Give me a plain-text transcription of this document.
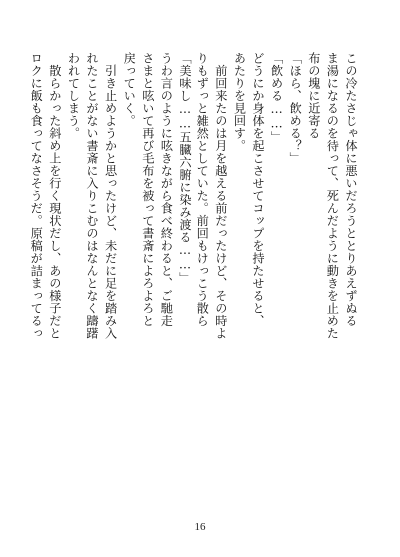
この冷たさじゃ体に悪いだろうととりあえずぬる
ま湯になるのを待って、死んだように動きを止めた
布の塊に近寄る
「ほら、飲める？」
「飲める……」
どうにか身体を起こさせてコップを持たせると、
あたりを見回す。
　前回来たのは月を越える前だったけど、その時よ
りもずっと雑然としていた。前回もけっこう散ら

「美味し……五臓六腑に染み渡る……」
うわ言のように呟きながら食べ終わると、ご馳走
さまと呟いて再び毛布を被って書斎によろよろと
戻っていく。
　引き止めようかと思ったけど、未だに足を踏み入
れたことがない書斎に入りこむのはなんとなく躊躇
われてしまう。
　散らかった斜め上を行く現状だし、あの様子だと
ロクに飯も食ってなさそうだ。原稿が詰まってるっ

16
